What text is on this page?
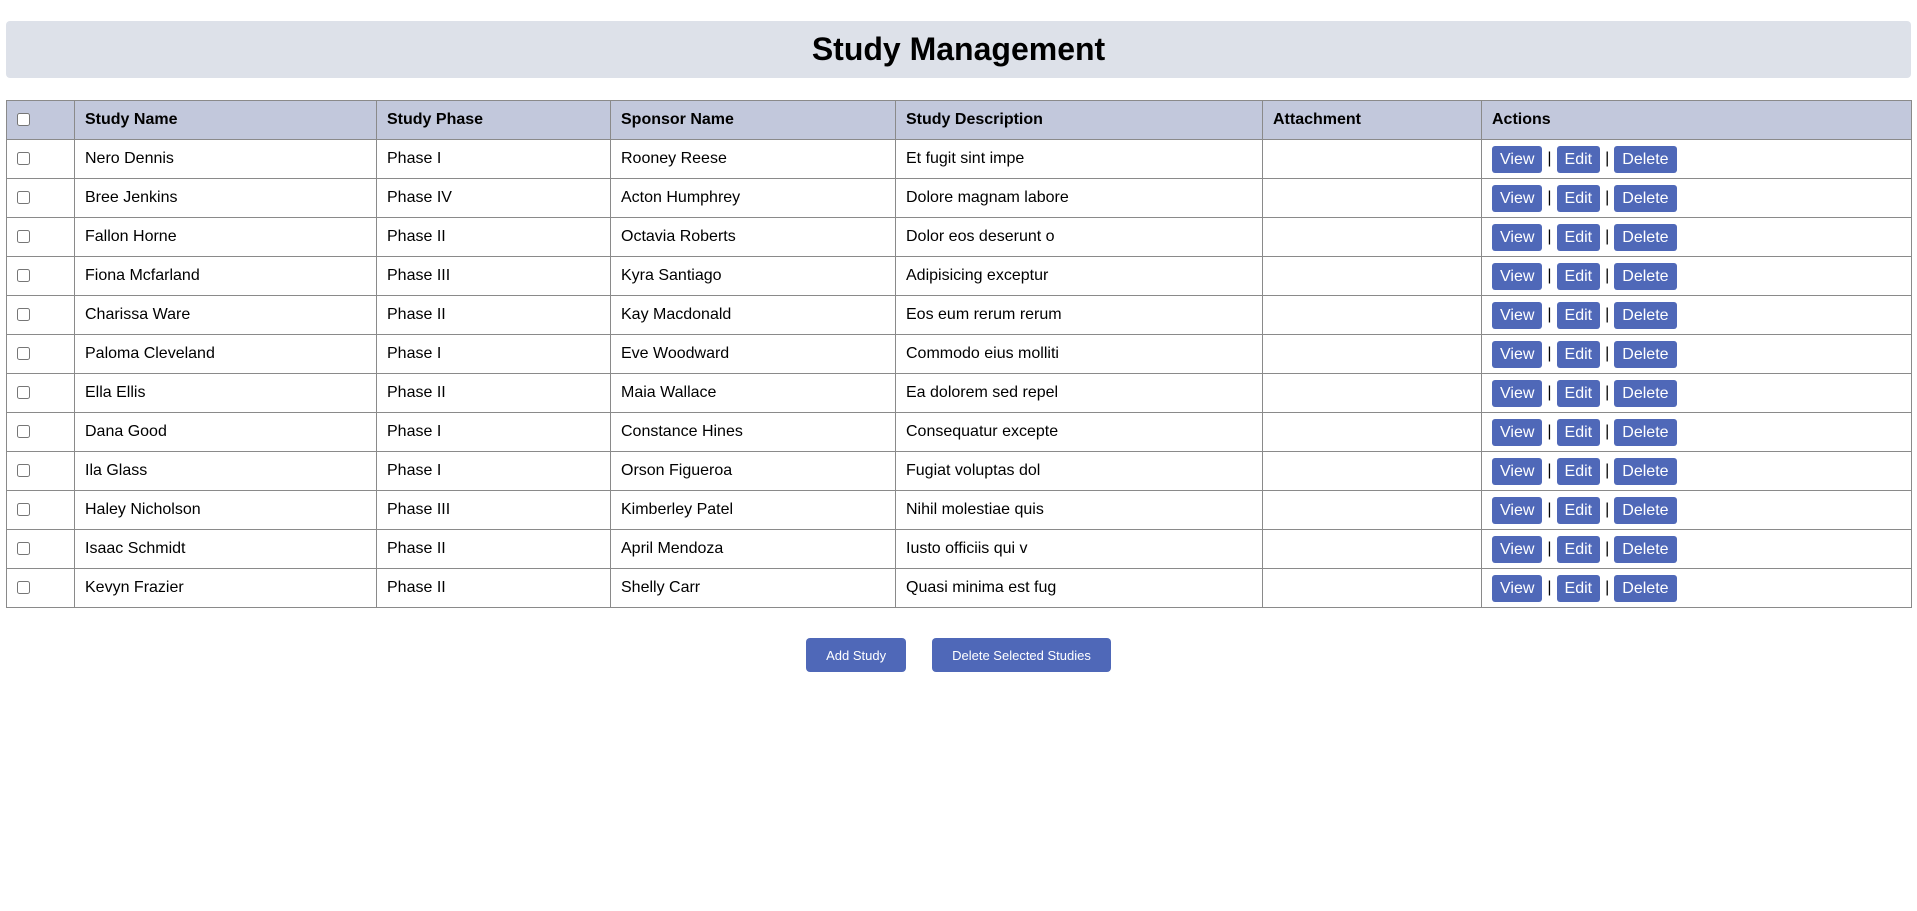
Study Management
	Study Name	Study Phase	Sponsor Name	Study Description	Attachment	Actions
	Nero Dennis	Phase I	Rooney Reese	Et fugit sint impe		View | Edit | Delete
	Bree Jenkins	Phase IV	Acton Humphrey	Dolore magnam labore		View | Edit | Delete
	Fallon Horne	Phase II	Octavia Roberts	Dolor eos deserunt o		View | Edit | Delete
	Fiona Mcfarland	Phase III	Kyra Santiago	Adipisicing exceptur		View | Edit | Delete
	Charissa Ware	Phase II	Kay Macdonald	Eos eum rerum rerum		View | Edit | Delete
	Paloma Cleveland	Phase I	Eve Woodward	Commodo eius molliti		View | Edit | Delete
	Ella Ellis	Phase II	Maia Wallace	Ea dolorem sed repel		View | Edit | Delete
	Dana Good	Phase I	Constance Hines	Consequatur excepte		View | Edit | Delete
	Ila Glass	Phase I	Orson Figueroa	Fugiat voluptas dol		View | Edit | Delete
	Haley Nicholson	Phase III	Kimberley Patel	Nihil molestiae quis		View | Edit | Delete
	Isaac Schmidt	Phase II	April Mendoza	Iusto officiis qui v		View | Edit | Delete
	Kevyn Frazier	Phase II	Shelly Carr	Quasi minima est fug		View | Edit | Delete
Add Study	Delete Selected Studies
